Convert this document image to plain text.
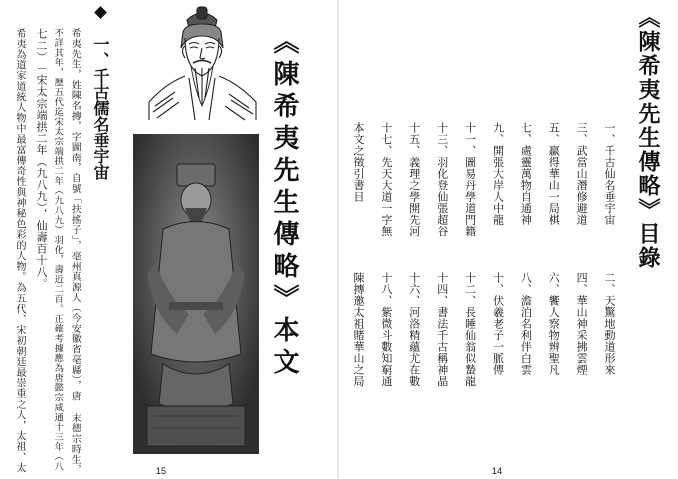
《陳希夷先生傳略》目錄
一、千古仙名垂宇宙
二、天驚地動道形來
三、武當山潛修避道
四、華山神采拂雲煙
五、贏得華山一局棋
六、饗人察物辨聖凡
七、處靈萬物自通神
八、澹泊名利伴白雲
九、開張大岸人中龍
十、伏羲老子一脈傳
十一、圖易丹學道門籍
十二、長睡仙翁似蟄龍
十三、羽化登仙張超谷
十四、書法千古稱神晶
十五、義理之學開先河
十六、河洛精蘊尤在數
十七、先天大道一字無
十八、紫微斗數知窮通
本文之徵引書目
陳摶邀太祖賭華山之局
14
《陳希夷先生傳略》本文
一、千古儒名垂宇宙
希夷先生，姓陳名摶，字圖南，自號「扶搖子」，亳州真源人（今安徽省亳縣），唐 末德宗時生，
不詳其年，歷五代迄宋太宗端拱二年（九八九）羽化，壽近二百。正確考據應為唐懿宗咸通十三年（八
七二）－宋太宗端拱二年（九八九），仙壽百十八。
希夷為道家道統人物中最富傳奇性與神秘色彩的人物。為五代、宋初朝廷最崇重之人，太祖、太	15
